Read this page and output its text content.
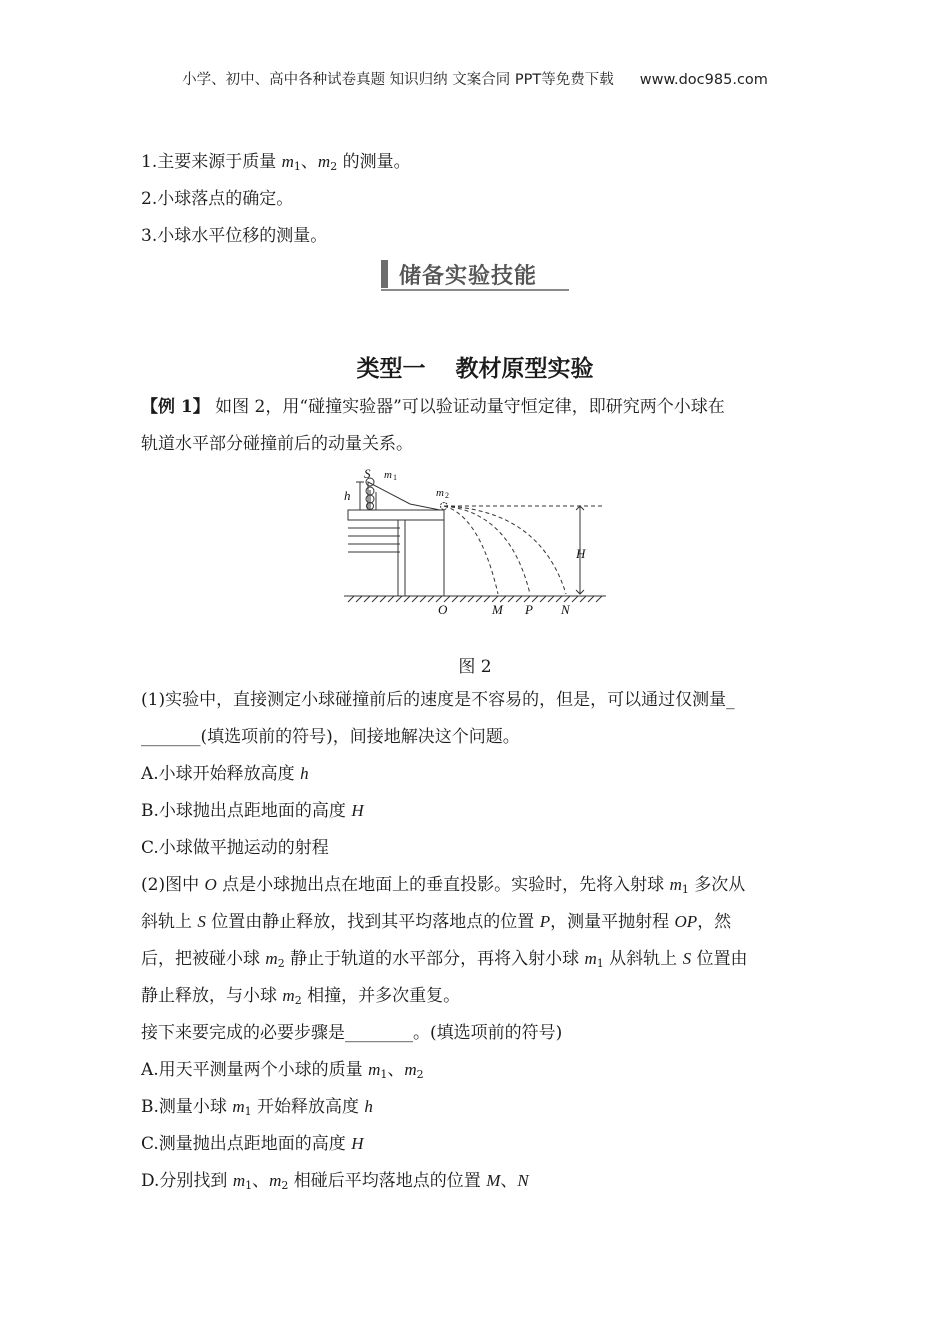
小学、初中、高中各种试卷真题 知识归纳 文案合同 PPT等免费下载 www.doc985.com
1.主要来源于质量 $m_1$、$m_2$ 的测量。
2.小球落点的确定。
3.小球水平位移的测量。
储备实验技能
类型一 教材原型实验
【例 1】 如图 2，用“碰撞实验器”可以验证动量守恒定律，即研究两个小球在
轨道水平部分碰撞前后的动量关系。
S m 1
h	m 2
H
O	M P N
图 2
(1)实验中，直接测定小球碰撞前后的速度是不容易的，但是，可以通过仅测量_
_______(填选项前的符号)，间接地解决这个问题。
A.小球开始释放高度 h
B.小球抛出点距地面的高度 H
C.小球做平抛运动的射程
(2)图中 O 点是小球抛出点在地面上的垂直投影。实验时，先将入射球 $m_1$ 多次从
斜轨上 S 位置由静止释放，找到其平均落地点的位置 P，测量平抛射程 OP，然
后，把被碰小球 $m_2$ 静止于轨道的水平部分，再将入射小球 $m_1$ 从斜轨上 S 位置由
静止释放，与小球 $m_2$ 相撞，并多次重复。
接下来要完成的必要步骤是________。(填选项前的符号)
A.用天平测量两个小球的质量 $m_1$、$m_2$
B.测量小球 $m_1$ 开始释放高度 h
C.测量抛出点距地面的高度 H
D.分别找到 $m_1$、$m_2$ 相碰后平均落地点的位置 M、N
